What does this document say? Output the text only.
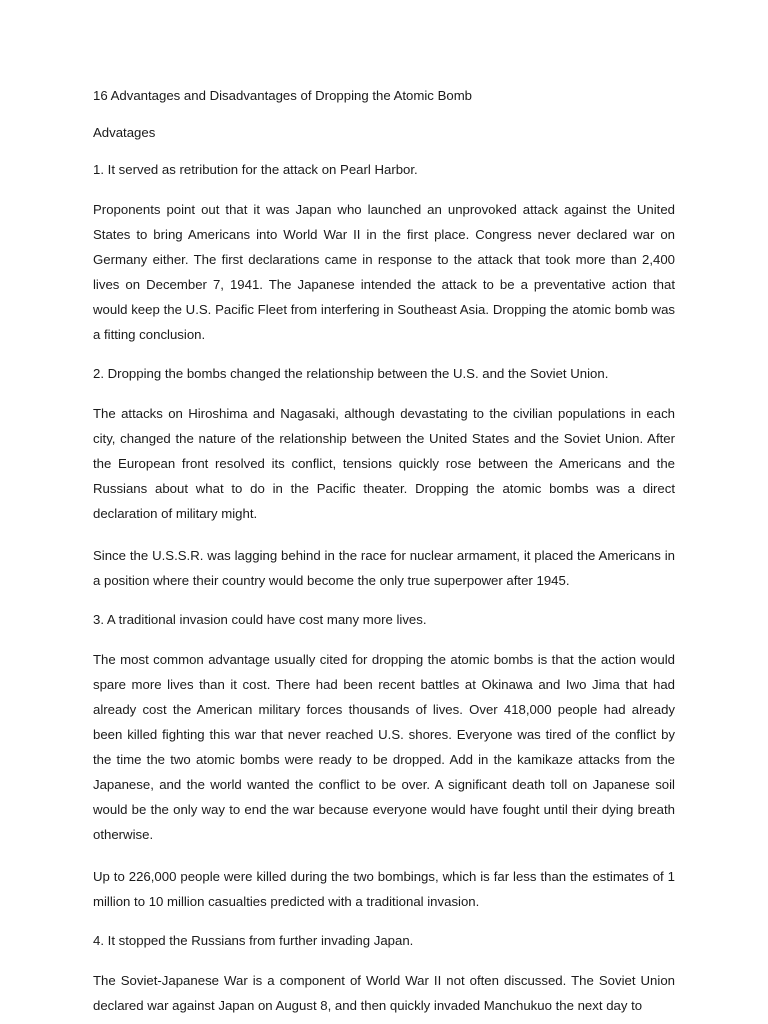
16 Advantages and Disadvantages of Dropping the Atomic Bomb

Advatages

1. It served as retribution for the attack on Pearl Harbor.

Proponents point out that it was Japan who launched an unprovoked attack against the United States to bring Americans into World War II in the first place. Congress never declared war on Germany either. The first declarations came in response to the attack that took more than 2,400 lives on December 7, 1941. The Japanese intended the attack to be a preventative action that would keep the U.S. Pacific Fleet from interfering in Southeast Asia. Dropping the atomic bomb was a fitting conclusion.

2. Dropping the bombs changed the relationship between the U.S. and the Soviet Union.

The attacks on Hiroshima and Nagasaki, although devastating to the civilian populations in each city, changed the nature of the relationship between the United States and the Soviet Union. After the European front resolved its conflict, tensions quickly rose between the Americans and the Russians about what to do in the Pacific theater. Dropping the atomic bombs was a direct declaration of military might.

Since the U.S.S.R. was lagging behind in the race for nuclear armament, it placed the Americans in a position where their country would become the only true superpower after 1945.

3. A traditional invasion could have cost many more lives.

The most common advantage usually cited for dropping the atomic bombs is that the action would spare more lives than it cost. There had been recent battles at Okinawa and Iwo Jima that had already cost the American military forces thousands of lives. Over 418,000 people had already been killed fighting this war that never reached U.S. shores. Everyone was tired of the conflict by the time the two atomic bombs were ready to be dropped. Add in the kamikaze attacks from the Japanese, and the world wanted the conflict to be over. A significant death toll on Japanese soil would be the only way to end the war because everyone would have fought until their dying breath otherwise.

Up to 226,000 people were killed during the two bombings, which is far less than the estimates of 1 million to 10 million casualties predicted with a traditional invasion.

4. It stopped the Russians from further invading Japan.

The Soviet-Japanese War is a component of World War II not often discussed. The Soviet Union declared war against Japan on August 8, and then quickly invaded Manchukuo the next day to
